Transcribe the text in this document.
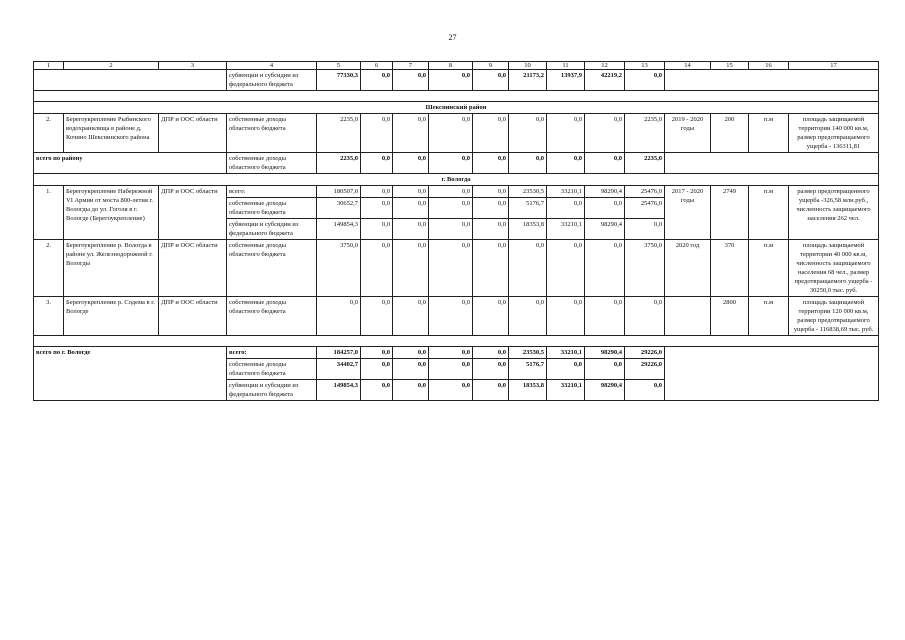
27
1	2	3	4	5	6	7	8	9	10	11	12	13	14	15	16	17
			субвенции и субсидии из федерального бюджета	77330,3	0,0	0,0	0,0	0,0	21173,2	13937,9	42219,2	0,0				

Шекснинский район																
2.	Берегоукрепление Рыбинского водохранилища в районе д. Кочино Шекснинского района	ДПР и ООС области	собственные доходы областного бюджета	2235,0	0,0	0,0	0,0	0,0	0,0	0,0	0,0	2235,0	2019 - 2020 годы	200	п.м	площадь защищаемой территории 140 000 кв.м, размер предотвращаемого ущерба - 136311,81
всего по району			собственные доходы областного бюджета	2235,0	0,0	0,0	0,0	0,0	0,0	0,0	0,0	2235,0				
г. Вологда																
1.	Берегоукрепление Набережной VI Армии от моста 800-летия г. Вологды до ул. Гоголя в г. Вологде (Берегоукрепление)	ДПР и ООС области	всего:	180507,0	0,0	0,0	0,0	0,0	23530,5	33210,1	98290,4	25476,0	2017 - 2020 годы	2749	п.м	размер предотвращенного ущерба -326,58 млн.руб., численность защищаемого населения 262 чел.
			собственные доходы областного бюджета	30652,7	0,0	0,0	0,0	0,0	5176,7	0,0	0,0	25476,0				
			субвенции и субсидии из федерального бюджета	149854,3	0,0	0,0	0,0	0,0	18353,8	33210,1	98290,4	0,0				
2.	Берегоукрепление р. Вологда в районе ул. Железнодорожной г. Вологды	ДПР и ООС области	собственные доходы областного бюджета	3750,0	0,0	0,0	0,0	0,0	0,0	0,0	0,0	3750,0	2020 год	370	п.м	площадь защищаемой территории 40 000 кв.м, численность защищаемого населения 68 чел., размер предотвращаемого ущерба - 30250,0 тыс. руб.
3.	Берегоукрепление р. Содема в г. Вологде	ДПР и ООС области	собственные доходы областного бюджета	0,0	0,0	0,0	0,0	0,0	0,0	0,0	0,0	0,0		2800	п.м	площадь защищаемой территории 120 000 кв.м, размер предотвращаемого ущерба - 116838,69 тыс. руб.

всего по г. Вологде			всего:	184257,0	0,0	0,0	0,0	0,0	23530,5	33210,1	98290,4	29226,0				
			собственные доходы областного бюджета	34402,7	0,0	0,0	0,0	0,0	5176,7	0,0	0,0	29226,0				
			субвенции и субсидии из федерального бюджета	149854,3	0,0	0,0	0,0	0,0	18353,8	33210,1	98290,4	0,0				
